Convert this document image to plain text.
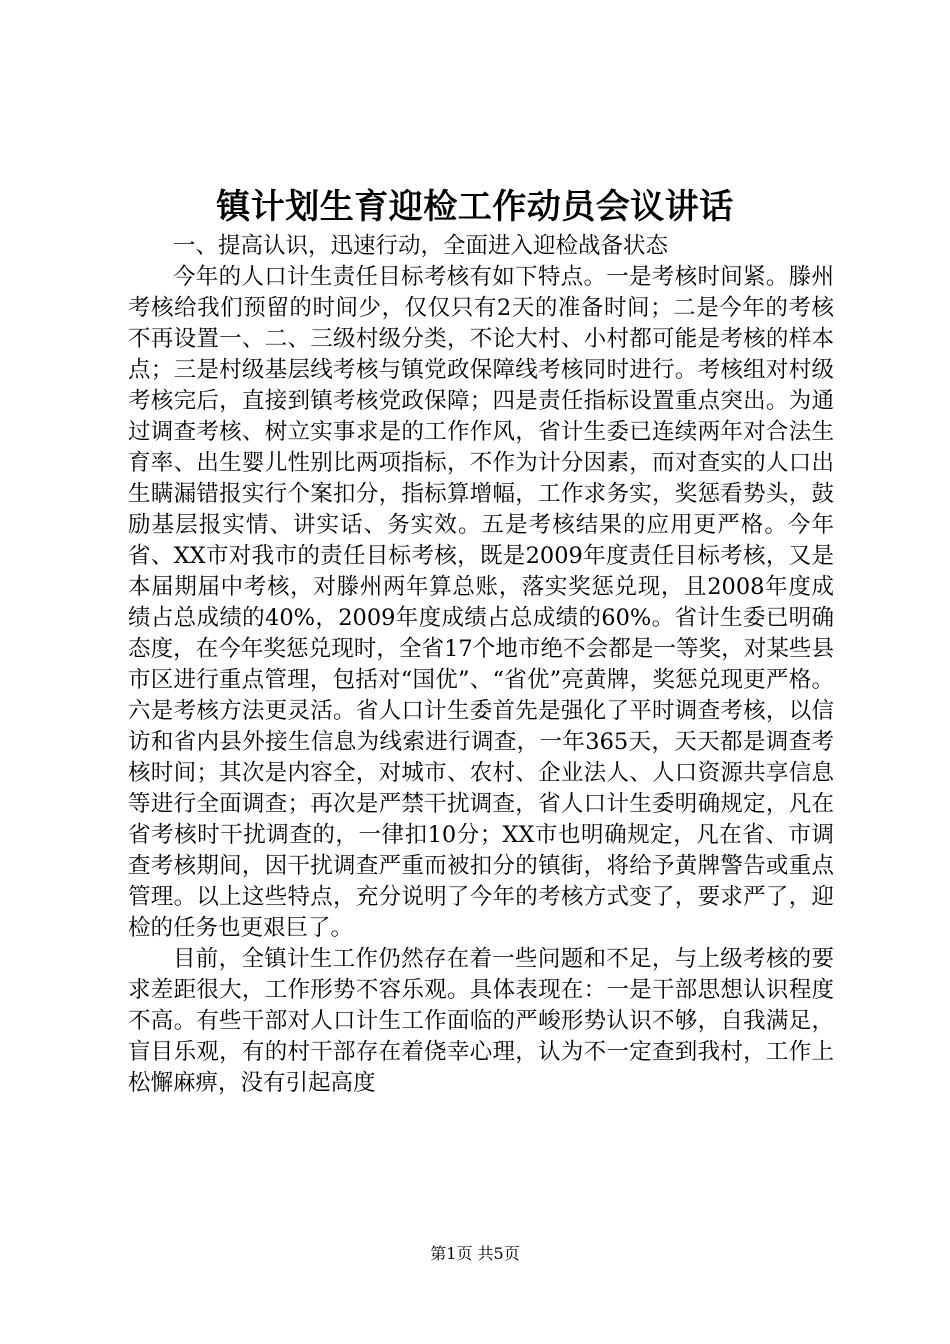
镇计划生育迎检工作动员会议讲话

一、提高认识，迅速行动，全面进入迎检战备状态

今年的人口计生责任目标考核有如下特点。一是考核时间紧。滕州考核给我们预留的时间少，仅仅只有2天的准备时间；二是今年的考核不再设置一、二、三级村级分类，不论大村、小村都可能是考核的样本点；三是村级基层线考核与镇党政保障线考核同时进行。考核组对村级考核完后，直接到镇考核党政保障；四是责任指标设置重点突出。为通过调查考核、树立实事求是的工作作风，省计生委已连续两年对合法生育率、出生婴儿性别比两项指标，不作为计分因素，而对查实的人口出生瞒漏错报实行个案扣分，指标算增幅，工作求务实，奖惩看势头，鼓励基层报实情、讲实话、务实效。五是考核结果的应用更严格。今年省、XX市对我市的责任目标考核，既是2009年度责任目标考核，又是本届期届中考核，对滕州两年算总账，落实奖惩兑现，且2008年度成绩占总成绩的40%，2009年度成绩占总成绩的60%。省计生委已明确态度，在今年奖惩兑现时，全省17个地市绝不会都是一等奖，对某些县市区进行重点管理，包括对“国优”、“省优”亮黄牌，奖惩兑现更严格。六是考核方法更灵活。省人口计生委首先是强化了平时调查考核，以信访和省内县外接生信息为线索进行调查，一年365天，天天都是调查考核时间；其次是内容全，对城市、农村、企业法人、人口资源共享信息等进行全面调查；再次是严禁干扰调查，省人口计生委明确规定，凡在省考核时干扰调查的，一律扣10分；XX市也明确规定，凡在省、市调查考核期间，因干扰调查严重而被扣分的镇街，将给予黄牌警告或重点管理。以上这些特点，充分说明了今年的考核方式变了，要求严了，迎检的任务也更艰巨了。

目前，全镇计生工作仍然存在着一些问题和不足，与上级考核的要求差距很大，工作形势不容乐观。具体表现在：一是干部思想认识程度不高。有些干部对人口计生工作面临的严峻形势认识不够，自我满足，盲目乐观，有的村干部存在着侥幸心理，认为不一定查到我村，工作上松懈麻痹，没有引起高度

第1页 共5页
